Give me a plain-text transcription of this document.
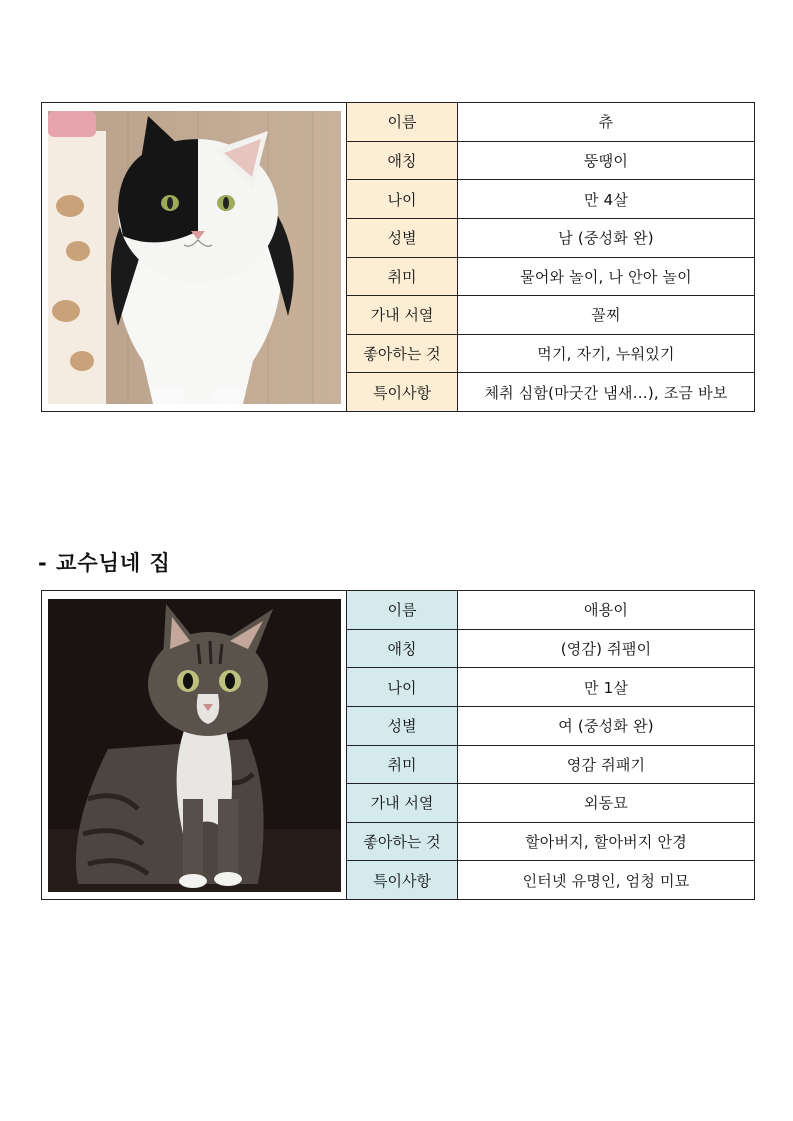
이름	츄
애칭	뚱땡이
나이	만 4살
성별	남 (중성화 완)
취미	물어와 놀이, 나 안아 놀이
가내 서열	꼴찌
좋아하는 것	먹기, 자기, 누워있기
특이사항	체취 심함(마굿간 냄새…), 조금 바보
- 교수님네 집
이름	애용이
애칭	(영감) 쥐팸이
나이	만 1살
성별	여 (중성화 완)
취미	영감 쥐패기
가내 서열	외동묘
좋아하는 것	할아버지, 할아버지 안경
특이사항	인터넷 유명인, 엄청 미묘
